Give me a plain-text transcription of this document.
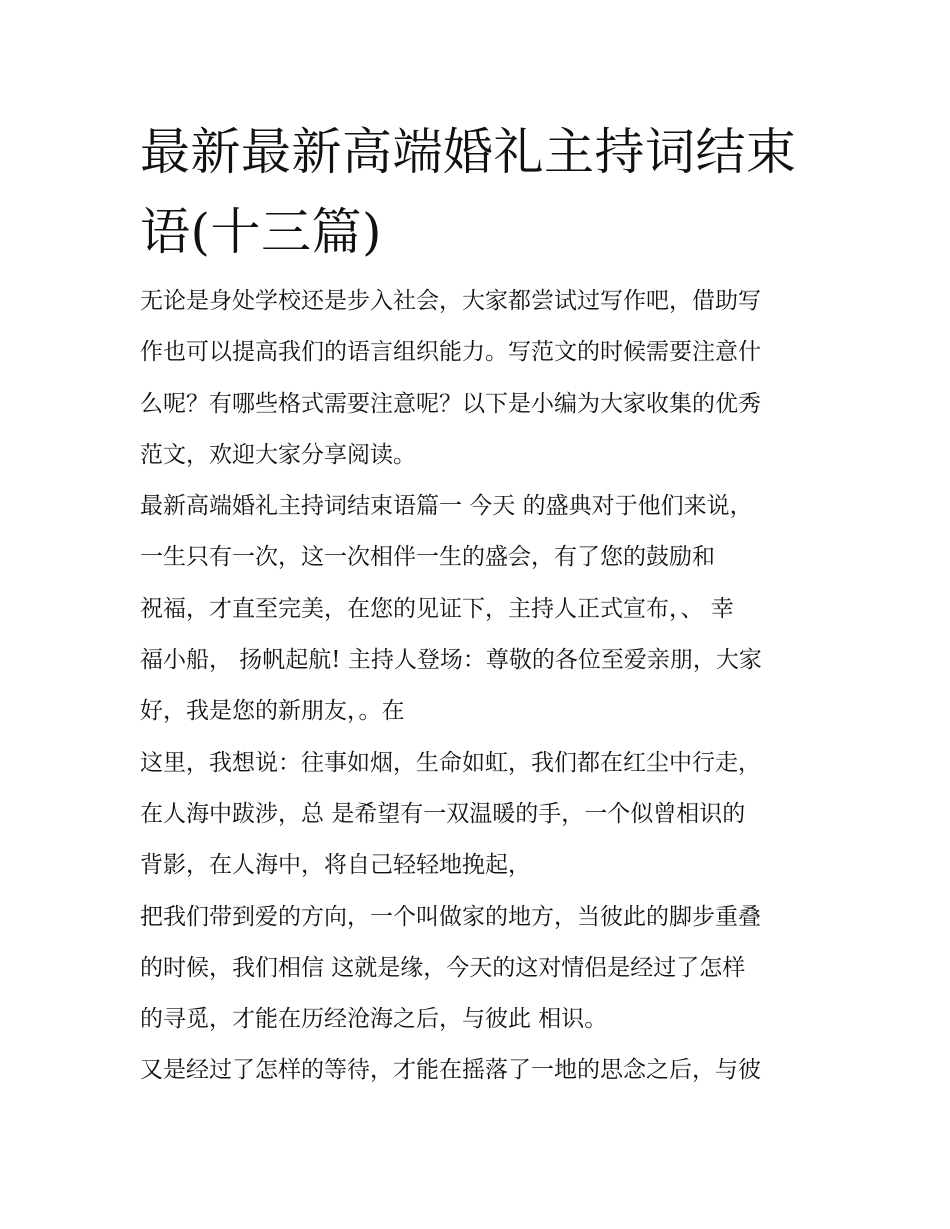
最新最新高端婚礼主持词结束
语(十三篇)
无论是身处学校还是步入社会，大家都尝试过写作吧，借助写
作也可以提高我们的语言组织能力。写范文的时候需要注意什
么呢？有哪些格式需要注意呢？以下是小编为大家收集的优秀
范文，欢迎大家分享阅读。
最新高端婚礼主持词结束语篇一 今天 的盛典对于他们来说，
一生只有一次，这一次相伴一生的盛会，有了您的鼓励和
祝福，才直至完美，在您的见证下，主持人正式宣布，、 幸
福小船， 扬帆起航! 主持人登场：尊敬的各位至爱亲朋，大家
好，我是您的新朋友，。在
这里，我想说：往事如烟，生命如虹，我们都在红尘中行走，
在人海中跋涉，总 是希望有一双温暖的手，一个似曾相识的
背影，在人海中，将自己轻轻地挽起，
把我们带到爱的方向，一个叫做家的地方，当彼此的脚步重叠
的时候，我们相信 这就是缘，今天的这对情侣是经过了怎样
的寻觅，才能在历经沧海之后，与彼此 相识。
又是经过了怎样的等待，才能在摇落了一地的思念之后，与彼
